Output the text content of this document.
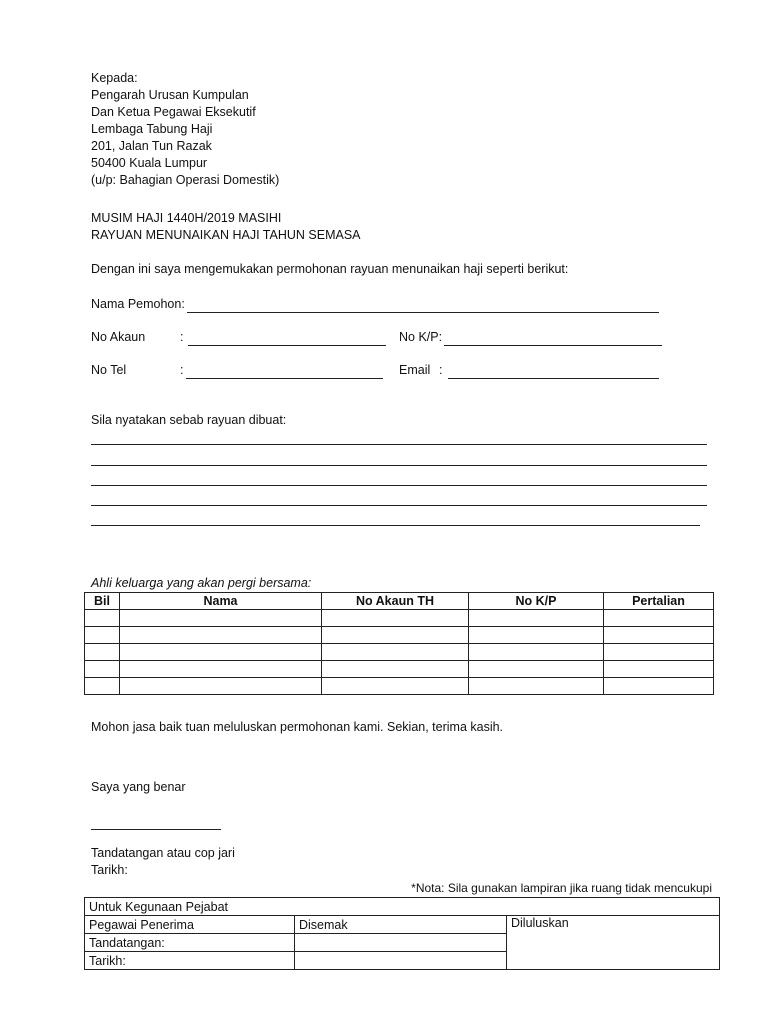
Kepada:
Pengarah Urusan Kumpulan
Dan Ketua Pegawai Eksekutif
Lembaga Tabung Haji
201, Jalan Tun Razak
50400 Kuala Lumpur
(u/p: Bahagian Operasi Domestik)
MUSIM HAJI 1440H/2019 MASIHI
RAYUAN MENUNAIKAN HAJI TAHUN SEMASA
Dengan ini saya mengemukakan permohonan rayuan menunaikan haji seperti berikut:
Nama Pemohon:
No Akaun	:	No K/P:
No Tel	:	Email :
Sila nyatakan sebab rayuan dibuat:
Ahli keluarga yang akan pergi bersama:
Bil	Nama	No Akaun TH	No K/P	Pertalian

Mohon jasa baik tuan meluluskan permohonan kami. Sekian, terima kasih.
Saya yang benar
Tandatangan atau cop jari
Tarikh:
*Nota: Sila gunakan lampiran jika ruang tidak mencukupi
Untuk Kegunaan Pejabat		
Pegawai Penerima	Disemak	Diluluskan
Tandatangan:		
Tarikh:		
